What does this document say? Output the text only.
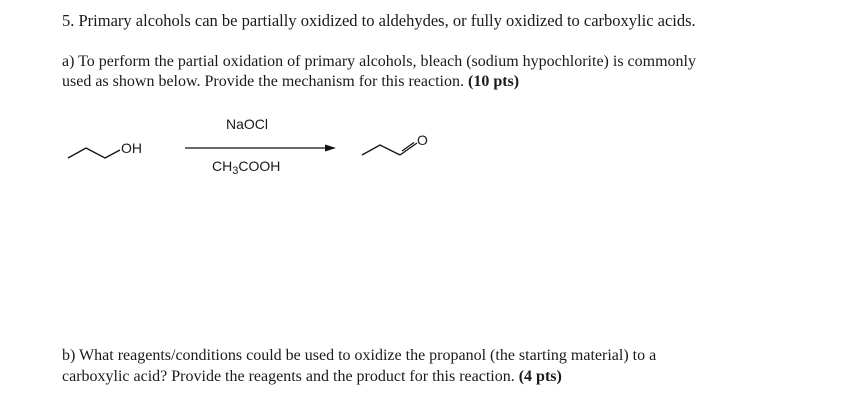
5. Primary alcohols can be partially oxidized to aldehydes, or fully oxidized to carboxylic acids.
a) To perform the partial oxidation of primary alcohols, bleach (sodium hypochlorite) is commonly
used as shown below. Provide the mechanism for this reaction. (10 pts)
OH	O
NaOCl
$CH_3COOH$
b) What reagents/conditions could be used to oxidize the propanol (the starting material) to a
carboxylic acid? Provide the reagents and the product for this reaction. (4 pts)
